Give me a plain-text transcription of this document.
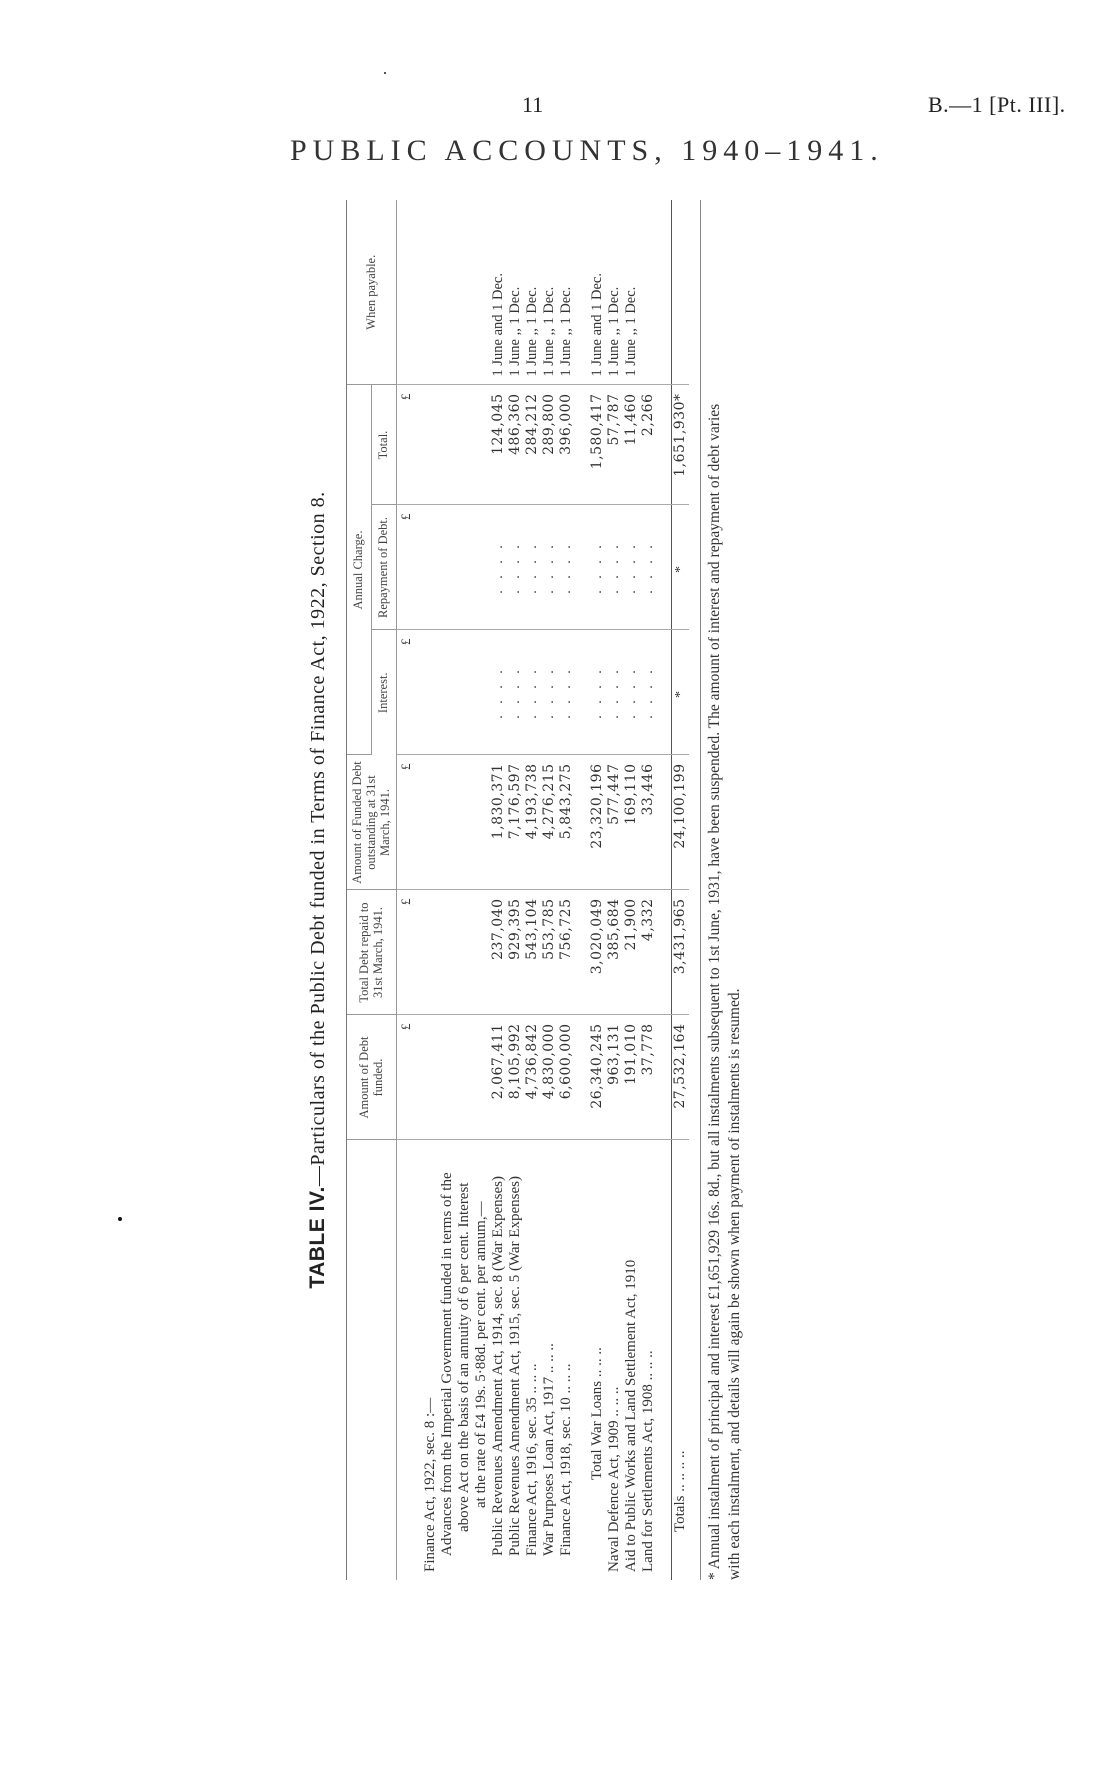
11	B.—1 [Pt. III].
PUBLIC ACCOUNTS, 1940–1941.
TABLE IV.—Particulars of the Public Debt funded in Terms of Finance Act, 1922, Section 8.
	Amount of Debt funded.	Total Debt repaid to 31st March, 1941.	Amount of Funded Debt outstanding at 31st March, 1941.	Annual Charge.			When payable.
				Interest.	Repayment of Debt.	Total.	
	£	£	£	£	£	£	

Finance Act, 1922, sec. 8 :—							
Advances from the Imperial Government funded in terms of the							
above Act on the basis of an annuity of 6 per cent. Interest							
at the rate of £4 19s. 5·88d. per cent. per annum,—							
Public Revenues Amendment Act, 1914, sec. 8 (War Expenses)	2,067,411	237,040	1,830,371	. . . .	. . . .	124,045	1 June and 1 Dec.
Public Revenues Amendment Act, 1915, sec. 5 (War Expenses)	8,105,992	929,395	7,176,597	. . . .	. . . .	486,360	1 June ,, 1 Dec.
Finance Act, 1916, sec. 35 .. .. ..	4,736,842	543,104	4,193,738	. . . .	. . . .	284,212	1 June ,, 1 Dec.
War Purposes Loan Act, 1917 .. .. ..	4,830,000	553,785	4,276,215	. . . .	. . . .	289,800	1 June ,, 1 Dec.
Finance Act, 1918, sec. 10 .. .. ..	6,600,000	756,725	5,843,275	. . . .	. . . .	396,000	1 June ,, 1 Dec.

Total War Loans .. .. ..	26,340,245	3,020,049	23,320,196	. . . .	. . . .	1,580,417	1 June and 1 Dec.
Naval Defence Act, 1909 .. .. ..	963,131	385,684	577,447	. . . .	. . . .	57,787	1 June ,, 1 Dec.
Aid to Public Works and Land Settlement Act, 1910	191,010	21,900	169,110	. . . .	. . . .	11,460	1 June ,, 1 Dec.
Land for Settlements Act, 1908 .. .. ..	37,778	4,332	33,446	. . . .	. . . .	2,266	

Totals .. .. .. ..	27,532,164	3,431,965	24,100,199	*	*	1,651,930*	* Annual instalment of principal and interest £1,651,929 16s. 8d., but all instalments subsequent to 1st June, 1931, have been suspended. The amount of interest and repayment of debt varies with each instalment, and details will again be shown when payment of instalments is resumed.
